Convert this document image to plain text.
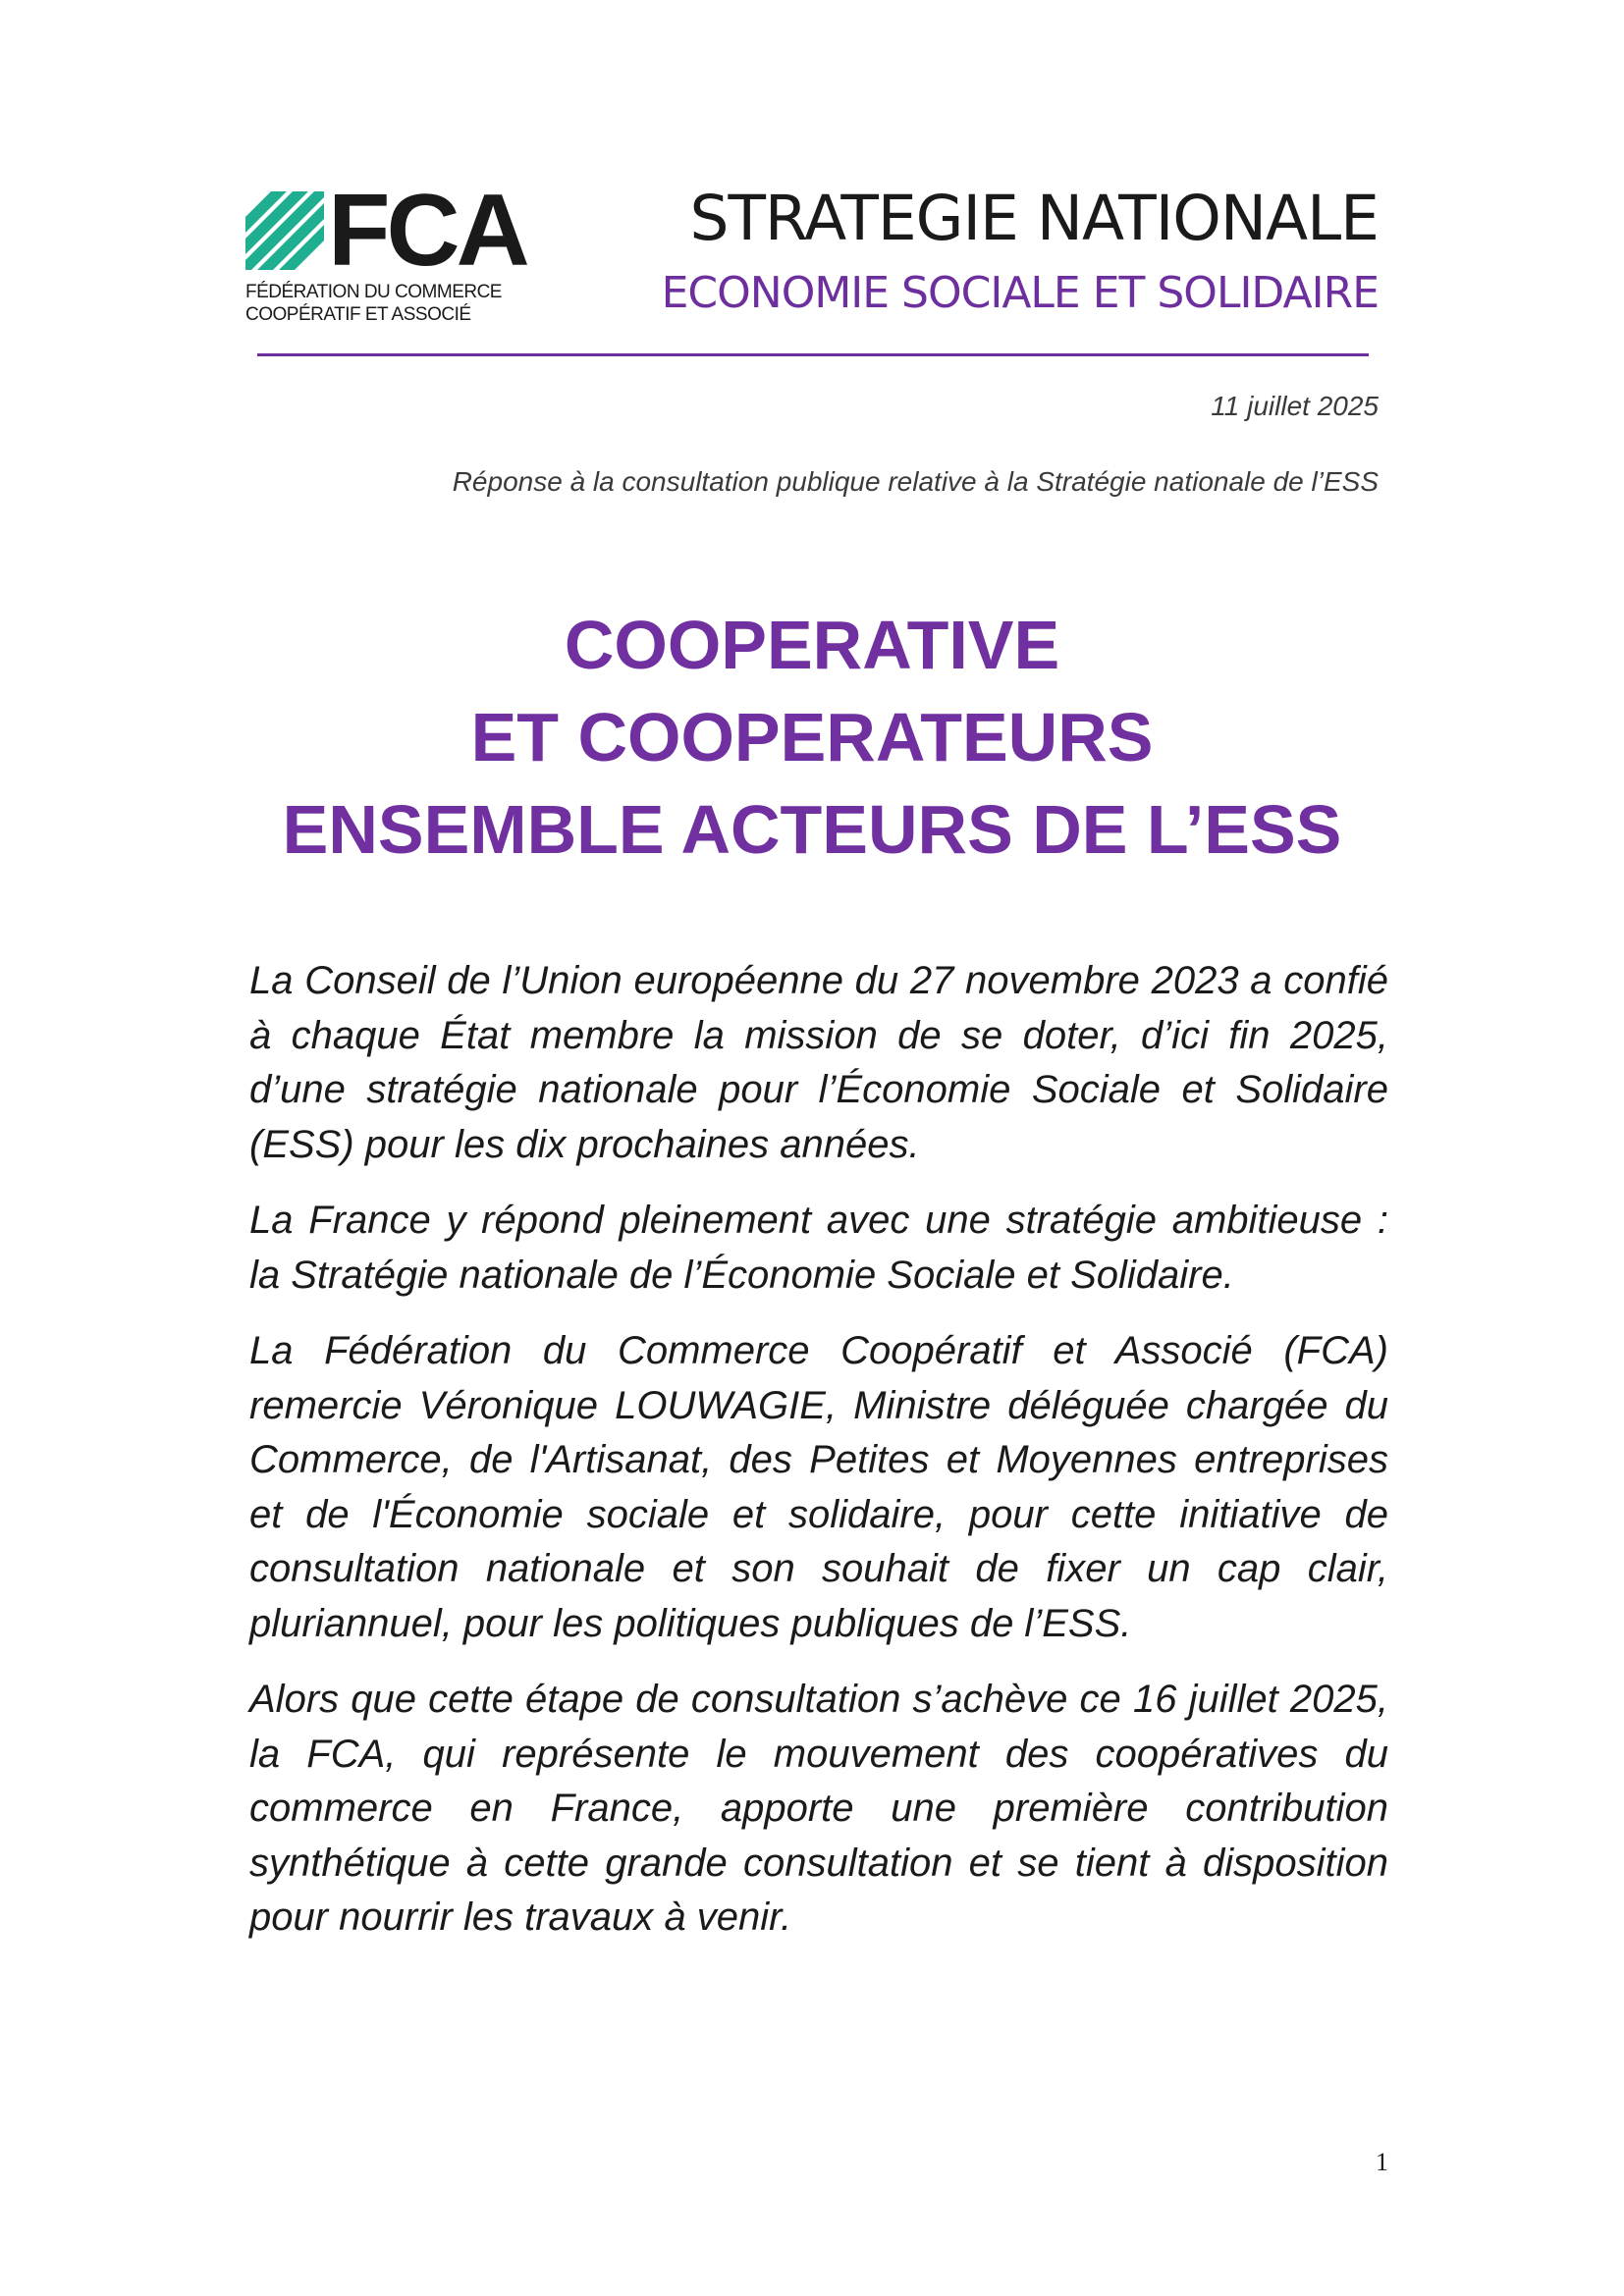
FCA
FÉDÉRATION DU COMMERCE
COOPÉRATIF ET ASSOCIÉ
STRATEGIE NATIONALE
ECONOMIE SOCIALE ET SOLIDAIRE
11 juillet 2025
Réponse à la consultation publique relative à la Stratégie nationale de l’ESS
COOPERATIVE
ET COOPERATEURS
ENSEMBLE ACTEURS DE L’ESS

La Conseil de l’Union européenne du 27 novembre 2023 a confié à chaque État membre la mission de se doter, d’ici fin 2025, d’une stratégie nationale pour l’Économie Sociale et Solidaire (ESS) pour les dix prochaines années.

La France y répond pleinement avec une stratégie ambitieuse : la Stratégie nationale de l’Économie Sociale et Solidaire.

La Fédération du Commerce Coopératif et Associé (FCA) remercie Véronique LOUWAGIE, Ministre déléguée chargée du Commerce, de l'Artisanat, des Petites et Moyennes entreprises et de l'Économie sociale et solidaire, pour cette initiative de consultation nationale et son souhait de fixer un cap clair, pluriannuel, pour les politiques publiques de l’ESS.

Alors que cette étape de consultation s’achève ce 16 juillet 2025, la FCA, qui représente le mouvement des coopératives du commerce en France, apporte une première contribution synthétique à cette grande consultation et se tient à disposition pour nourrir les travaux à venir.

1
